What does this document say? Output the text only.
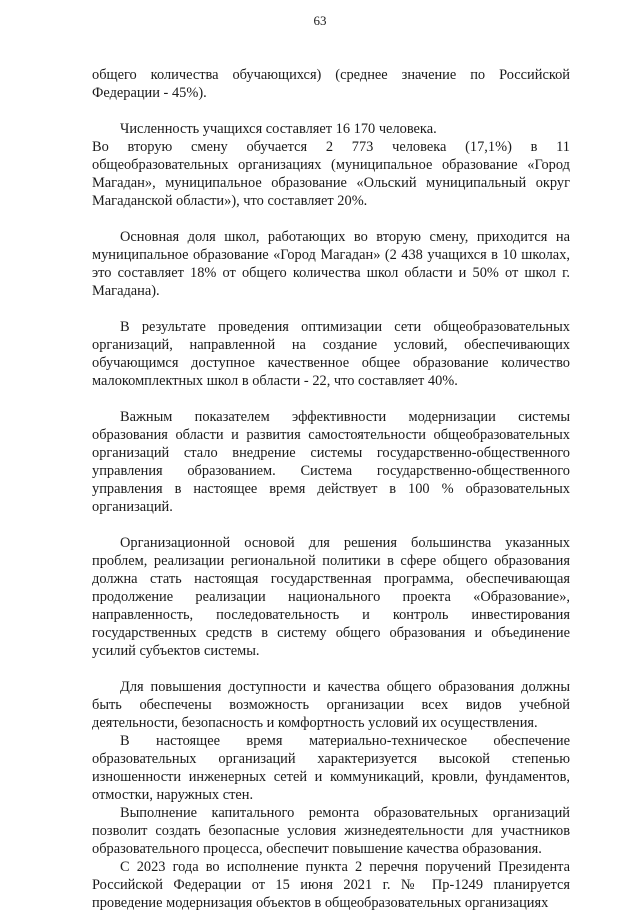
63

общего количества обучающихся) (среднее значение по Российской Федерации - 45%).

Численность учащихся составляет 16 170 человека.

Во вторую смену обучается 2 773 человека (17,1%) в 11 общеобразовательных организациях (муниципальное образование «Город Магадан», муниципальное образование «Ольский муниципальный округ Магаданской области»), что составляет 20%.

Основная доля школ, работающих во вторую смену, приходится на муниципальное образование «Город Магадан» (2 438 учащихся в 10 школах, это составляет 18% от общего количества школ области и 50% от школ г. Магадана).

В результате проведения оптимизации сети общеобразовательных организаций, направленной на создание условий, обеспечивающих обучающимся доступное качественное общее образование количество малокомплектных школ в области - 22, что составляет 40%.

Важным показателем эффективности модернизации системы образования области и развития самостоятельности общеобразовательных организаций стало внедрение системы государственно-общественного управления образованием. Система государственно-общественного управления в настоящее время действует в 100 % образовательных организаций.

Организационной основой для решения большинства указанных проблем, реализации региональной политики в сфере общего образования должна стать настоящая государственная программа, обеспечивающая продолжение реализации национального проекта «Образование», направленность, последовательность и контроль инвестирования государственных средств в систему общего образования и объединение усилий субъектов системы.

Для повышения доступности и качества общего образования должны быть обеспечены возможность организации всех видов учебной деятельности, безопасность и комфортность условий их осуществления.

В настоящее время материально-техническое обеспечение образовательных организаций характеризуется высокой степенью изношенности инженерных сетей и коммуникаций, кровли, фундаментов, отмостки, наружных стен.

Выполнение капитального ремонта образовательных организаций позволит создать безопасные условия жизнедеятельности для участников образовательного процесса, обеспечит повышение качества образования.

С 2023 года во исполнение пункта 2 перечня поручений Президента Российской Федерации от 15 июня 2021 г. № Пр-1249 планируется проведение модернизация объектов в общеобразовательных организациях
